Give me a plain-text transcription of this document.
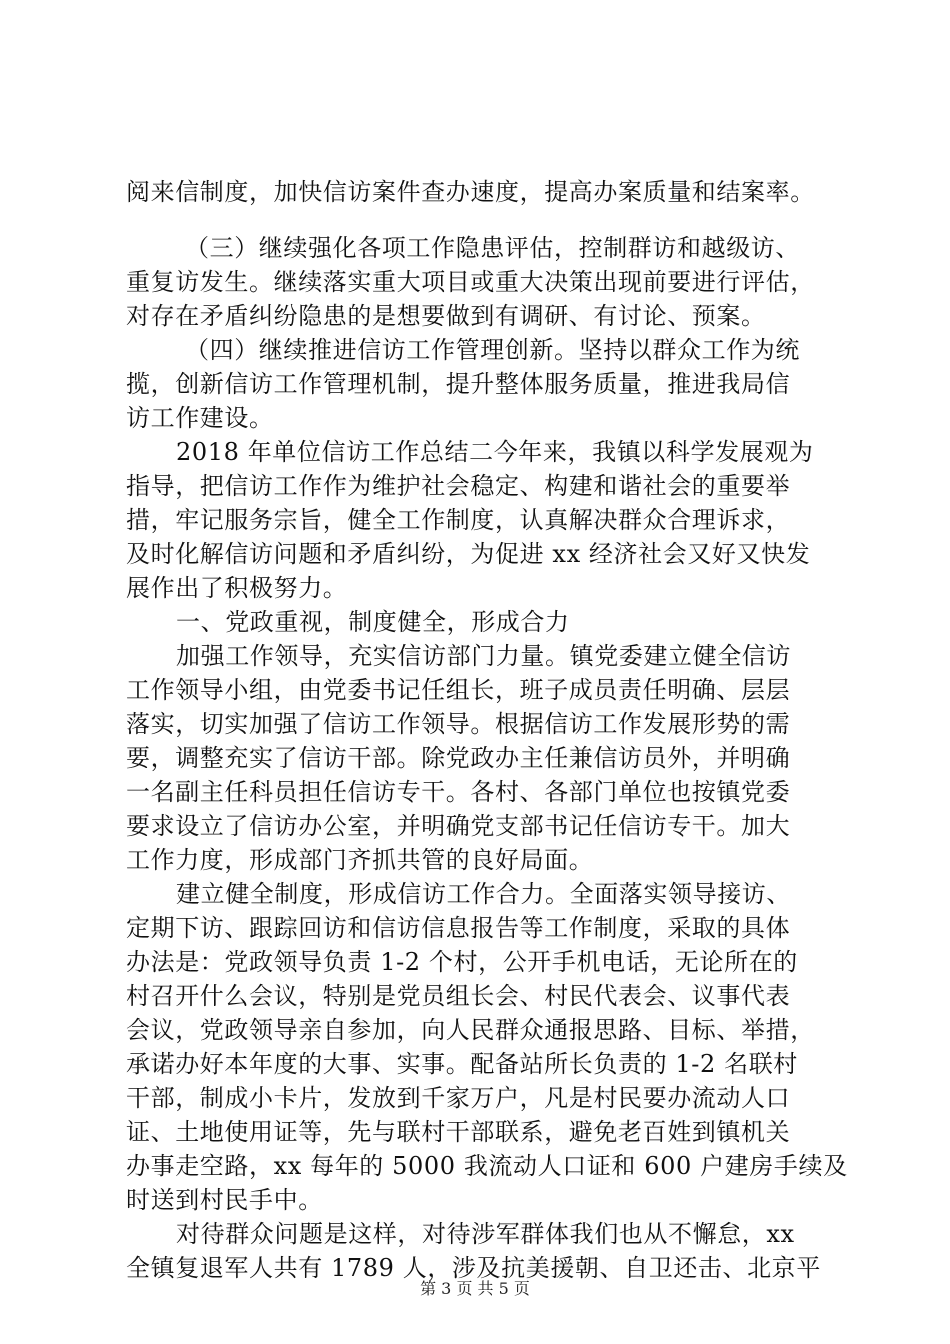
阅来信制度，加快信访案件查办速度，提高办案质量和结案率。
（三）继续强化各项工作隐患评估，控制群访和越级访、
重复访发生。继续落实重大项目或重大决策出现前要进行评估，
对存在矛盾纠纷隐患的是想要做到有调研、有讨论、预案。
（四）继续推进信访工作管理创新。坚持以群众工作为统
揽，创新信访工作管理机制，提升整体服务质量，推进我局信
访工作建设。
2018 年单位信访工作总结二今年来，我镇以科学发展观为
指导，把信访工作作为维护社会稳定、构建和谐社会的重要举
措，牢记服务宗旨，健全工作制度，认真解决群众合理诉求，
及时化解信访问题和矛盾纠纷，为促进 xx 经济社会又好又快发
展作出了积极努力。
一、党政重视，制度健全，形成合力
加强工作领导，充实信访部门力量。镇党委建立健全信访
工作领导小组，由党委书记任组长，班子成员责任明确、层层
落实，切实加强了信访工作领导。根据信访工作发展形势的需
要，调整充实了信访干部。除党政办主任兼信访员外，并明确
一名副主任科员担任信访专干。各村、各部门单位也按镇党委
要求设立了信访办公室，并明确党支部书记任信访专干。加大
工作力度，形成部门齐抓共管的良好局面。
建立健全制度，形成信访工作合力。全面落实领导接访、
定期下访、跟踪回访和信访信息报告等工作制度，采取的具体
办法是：党政领导负责 1-2 个村，公开手机电话，无论所在的
村召开什么会议，特别是党员组长会、村民代表会、议事代表
会议，党政领导亲自参加，向人民群众通报思路、目标、举措，
承诺办好本年度的大事、实事。配备站所长负责的 1-2 名联村
干部，制成小卡片，发放到千家万户，凡是村民要办流动人口
证、土地使用证等，先与联村干部联系，避免老百姓到镇机关
办事走空路，xx 每年的 5000 我流动人口证和 600 户建房手续及
时送到村民手中。
对待群众问题是这样，对待涉军群体我们也从不懈怠，xx
全镇复退军人共有 1789 人，涉及抗美援朝、自卫还击、北京平
第 3 页 共 5 页
